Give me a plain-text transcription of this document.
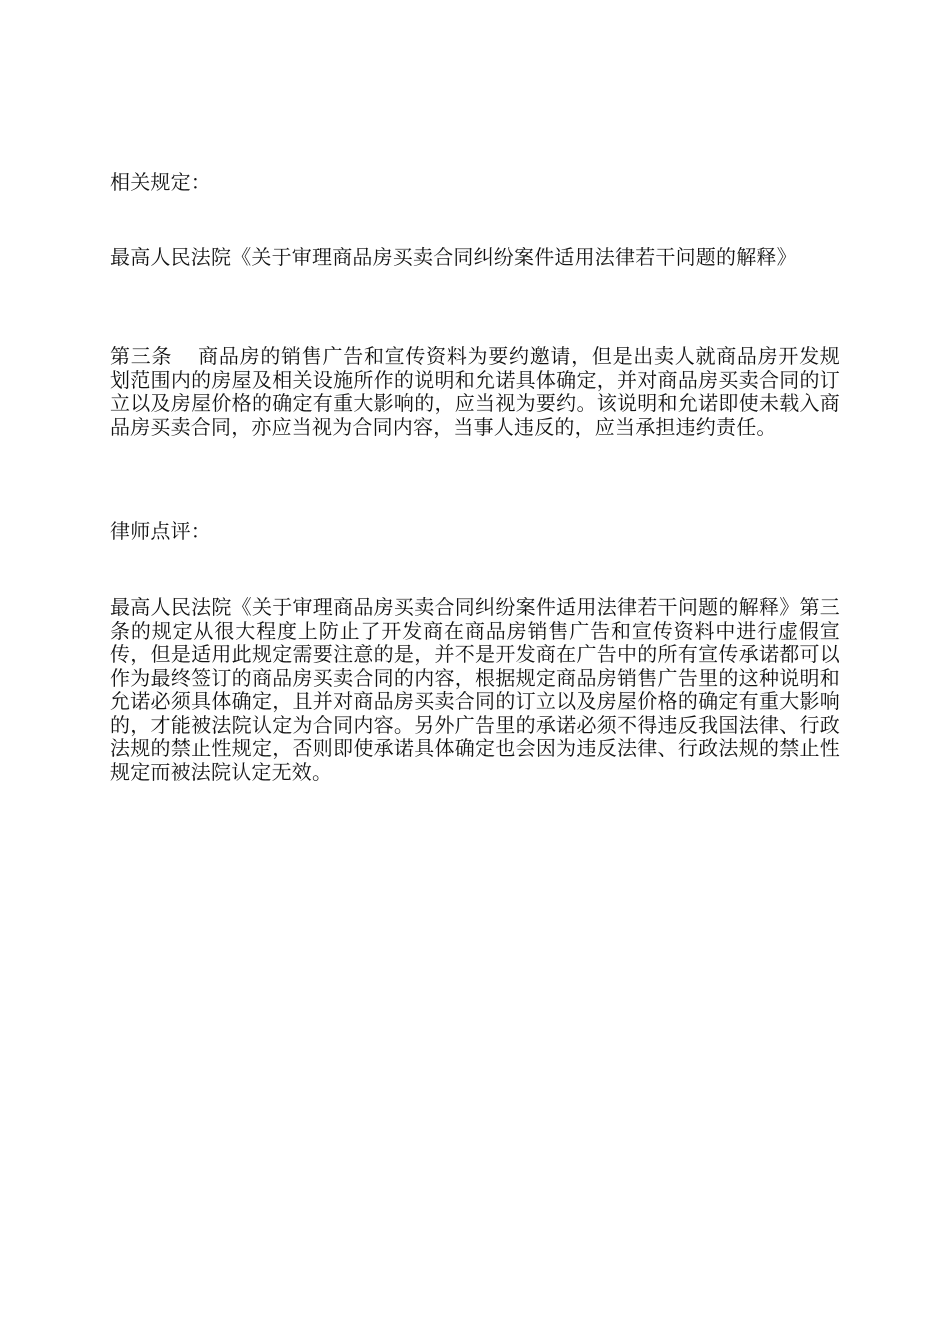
相关规定：

最高人民法院《关于审理商品房买卖合同纠纷案件适用法律若干问题的解释》

第三条 商品房的销售广告和宣传资料为要约邀请，但是出卖人就商品房开发规划范围内的房屋及相关设施所作的说明和允诺具体确定，并对商品房买卖合同的订立以及房屋价格的确定有重大影响的，应当视为要约。该说明和允诺即使未载入商品房买卖合同，亦应当视为合同内容，当事人违反的，应当承担违约责任。

律师点评：

最高人民法院《关于审理商品房买卖合同纠纷案件适用法律若干问题的解释》第三条的规定从很大程度上防止了开发商在商品房销售广告和宣传资料中进行虚假宣传，但是适用此规定需要注意的是，并不是开发商在广告中的所有宣传承诺都可以作为最终签订的商品房买卖合同的内容，根据规定商品房销售广告里的这种说明和允诺必须具体确定，且并对商品房买卖合同的订立以及房屋价格的确定有重大影响的，才能被法院认定为合同内容。另外广告里的承诺必须不得违反我国法律、行政法规的禁止性规定，否则即使承诺具体确定也会因为违反法律、行政法规的禁止性规定而被法院认定无效。
